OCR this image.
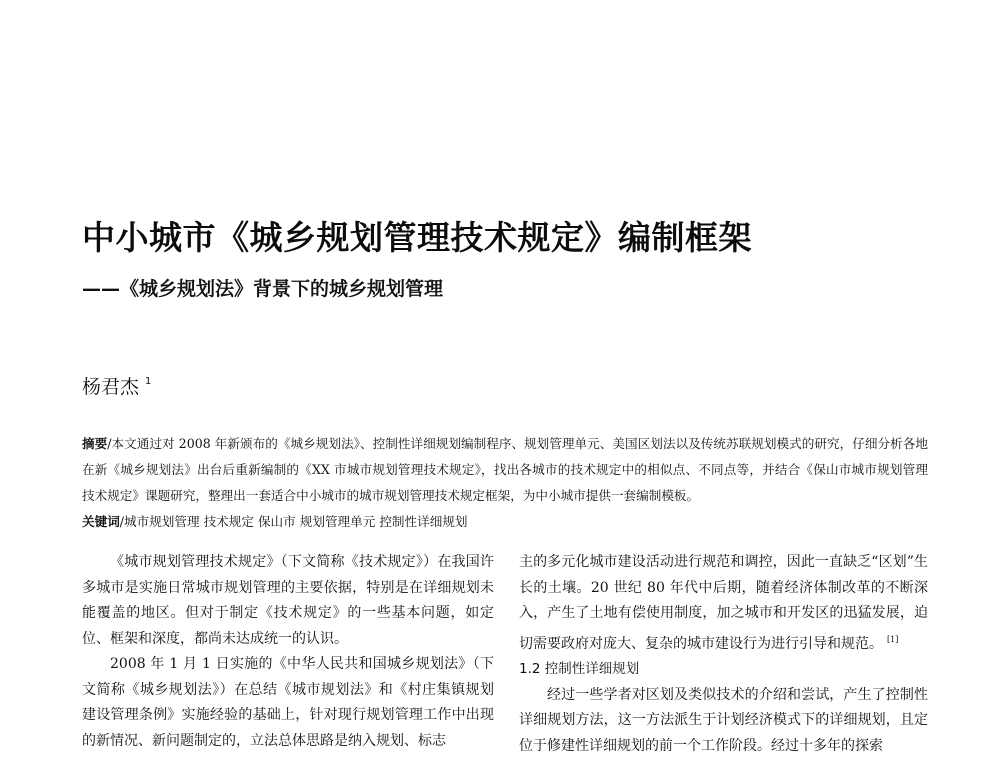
中小城市《城乡规划管理技术规定》编制框架
——《城乡规划法》背景下的城乡规划管理
杨君杰 $^1$
摘要/本文通过对 2008 年新颁布的《城乡规划法》、控制性详细规划编制程序、规划管理单元、美国区划法以及传统苏联规划模式的研究，仔细分析各地在新《城乡规划法》出台后重新编制的《XX 市城市规划管理技术规定》，找出各城市的技术规定中的相似点、不同点等，并结合《保山市城市规划管理技术规定》课题研究，整理出一套适合中小城市的城市规划管理技术规定框架，为中小城市提供一套编制模板。
关键词/城市规划管理 技术规定 保山市 规划管理单元 控制性详细规划

《城市规划管理技术规定》（下文简称《技术规定》）在我国许多城市是实施日常城市规划管理的主要依据，特别是在详细规划未能覆盖的地区。但对于制定《技术规定》的一些基本问题，如定位、框架和深度，都尚未达成统一的认识。

2008 年 1 月 1 日实施的《中华人民共和国城乡规划法》（下文简称《城乡规划法》）在总结《城市规划法》和《村庄集镇规划建设管理条例》实施经验的基础上，针对现行规划管理工作中出现的新情况、新问题制定的，立法总体思路是纳入规划、标志

主的多元化城市建设活动进行规范和调控，因此一直缺乏“区划”生长的土壤。20 世纪 80 年代中后期，随着经济体制改革的不断深入，产生了土地有偿使用制度，加之城市和开发区的迅猛发展，迫切需要政府对庞大、复杂的城市建设行为进行引导和规范。 [1]

1.2 控制性详细规划

经过一些学者对区划及类似技术的介绍和尝试，产生了控制性详细规划方法，这一方法派生于计划经济模式下的详细规划，且定位于修建性详细规划的前一个工作阶段。经过十多年的探索
